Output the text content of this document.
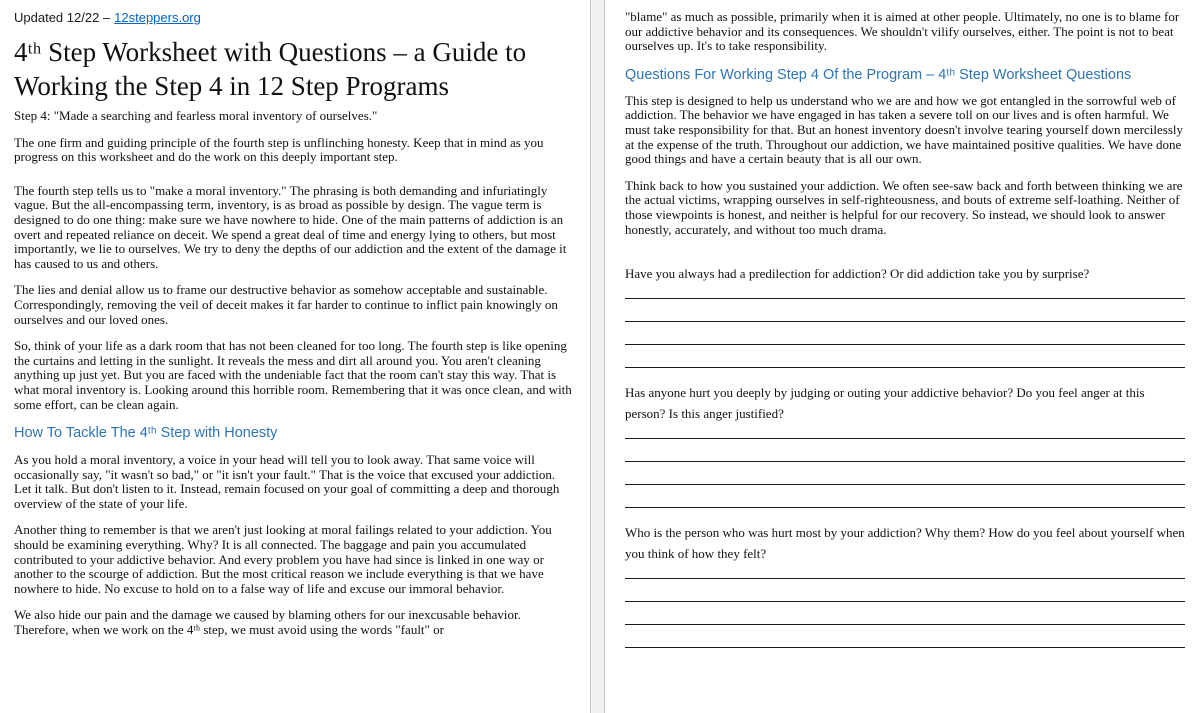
Updated 12/22 – 12steppers.org
4ᵗʰ Step Worksheet with Questions – a Guide to Working the Step 4 in 12 Step Programs

Step 4: "Made a searching and fearless moral inventory of ourselves."

The one firm and guiding principle of the fourth step is unflinching honesty. Keep that in mind as you progress on this worksheet and do the work on this deeply important step.

The fourth step tells us to "make a moral inventory." The phrasing is both demanding and infuriatingly vague. But the all-encompassing term, inventory, is as broad as possible by design. The vague term is designed to do one thing: make sure we have nowhere to hide. One of the main patterns of addiction is an overt and repeated reliance on deceit. We spend a great deal of time and energy lying to others, but most importantly, we lie to ourselves. We try to deny the depths of our addiction and the extent of the damage it has caused to us and others.

The lies and denial allow us to frame our destructive behavior as somehow acceptable and sustainable. Correspondingly, removing the veil of deceit makes it far harder to continue to inflict pain knowingly on ourselves and our loved ones.

So, think of your life as a dark room that has not been cleaned for too long. The fourth step is like opening the curtains and letting in the sunlight. It reveals the mess and dirt all around you. You aren't cleaning anything up just yet. But you are faced with the undeniable fact that the room can't stay this way. That is what moral inventory is. Looking around this horrible room. Remembering that it was once clean, and with some effort, can be clean again.

How To Tackle The 4ᵗʰ Step with Honesty

As you hold a moral inventory, a voice in your head will tell you to look away. That same voice will occasionally say, "it wasn't so bad," or "it isn't your fault." That is the voice that excused your addiction. Let it talk. But don't listen to it. Instead, remain focused on your goal of committing a deep and thorough overview of the state of your life.

Another thing to remember is that we aren't just looking at moral failings related to your addiction. You should be examining everything. Why? It is all connected. The baggage and pain you accumulated contributed to your addictive behavior. And every problem you have had since is linked in one way or another to the scourge of addiction. But the most critical reason we include everything is that we have nowhere to hide. No excuse to hold on to a false way of life and excuse our immoral behavior.

We also hide our pain and the damage we caused by blaming others for our inexcusable behavior. Therefore, when we work on the 4ᵗʰ step, we must avoid using the words "fault" or

"blame" as much as possible, primarily when it is aimed at other people. Ultimately, no one is to blame for our addictive behavior and its consequences. We shouldn't vilify ourselves, either. The point is not to beat ourselves up. It's to take responsibility.

Questions For Working Step 4 Of the Program – 4ᵗʰ Step Worksheet Questions

This step is designed to help us understand who we are and how we got entangled in the sorrowful web of addiction. The behavior we have engaged in has taken a severe toll on our lives and is often harmful. We must take responsibility for that. But an honest inventory doesn't involve tearing yourself down mercilessly at the expense of the truth. Throughout our addiction, we have maintained positive qualities. We have done good things and have a certain beauty that is all our own.

Think back to how you sustained your addiction. We often see-saw back and forth between thinking we are the actual victims, wrapping ourselves in self-righteousness, and bouts of extreme self-loathing. Neither of those viewpoints is honest, and neither is helpful for our recovery. So instead, we should look to answer honestly, accurately, and without too much drama.

Have you always had a predilection for addiction? Or did addiction take you by surprise?

Has anyone hurt you deeply by judging or outing your addictive behavior? Do you feel anger at this person? Is this anger justified?

Who is the person who was hurt most by your addiction? Why them? How do you feel about yourself when you think of how they felt?
